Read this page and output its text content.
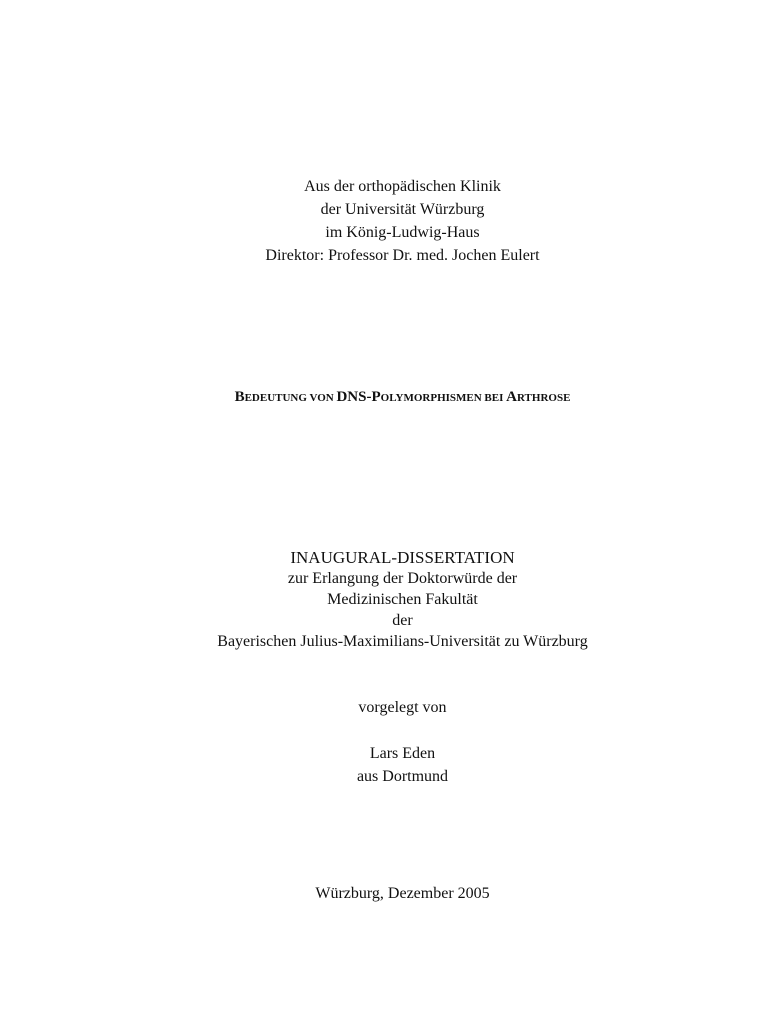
Aus der orthopädischen Klinik
der Universität Würzburg
im König-Ludwig-Haus
Direktor: Professor Dr. med. Jochen Eulert
BEDEUTUNG VON DNS-POLYMORPHISMEN BEI ARTHROSE
INAUGURAL-DISSERTATION
zur Erlangung der Doktorwürde der
Medizinischen Fakultät
der
Bayerischen Julius-Maximilians-Universität zu Würzburg
vorgelegt von
Lars Eden
aus Dortmund
Würzburg, Dezember 2005
